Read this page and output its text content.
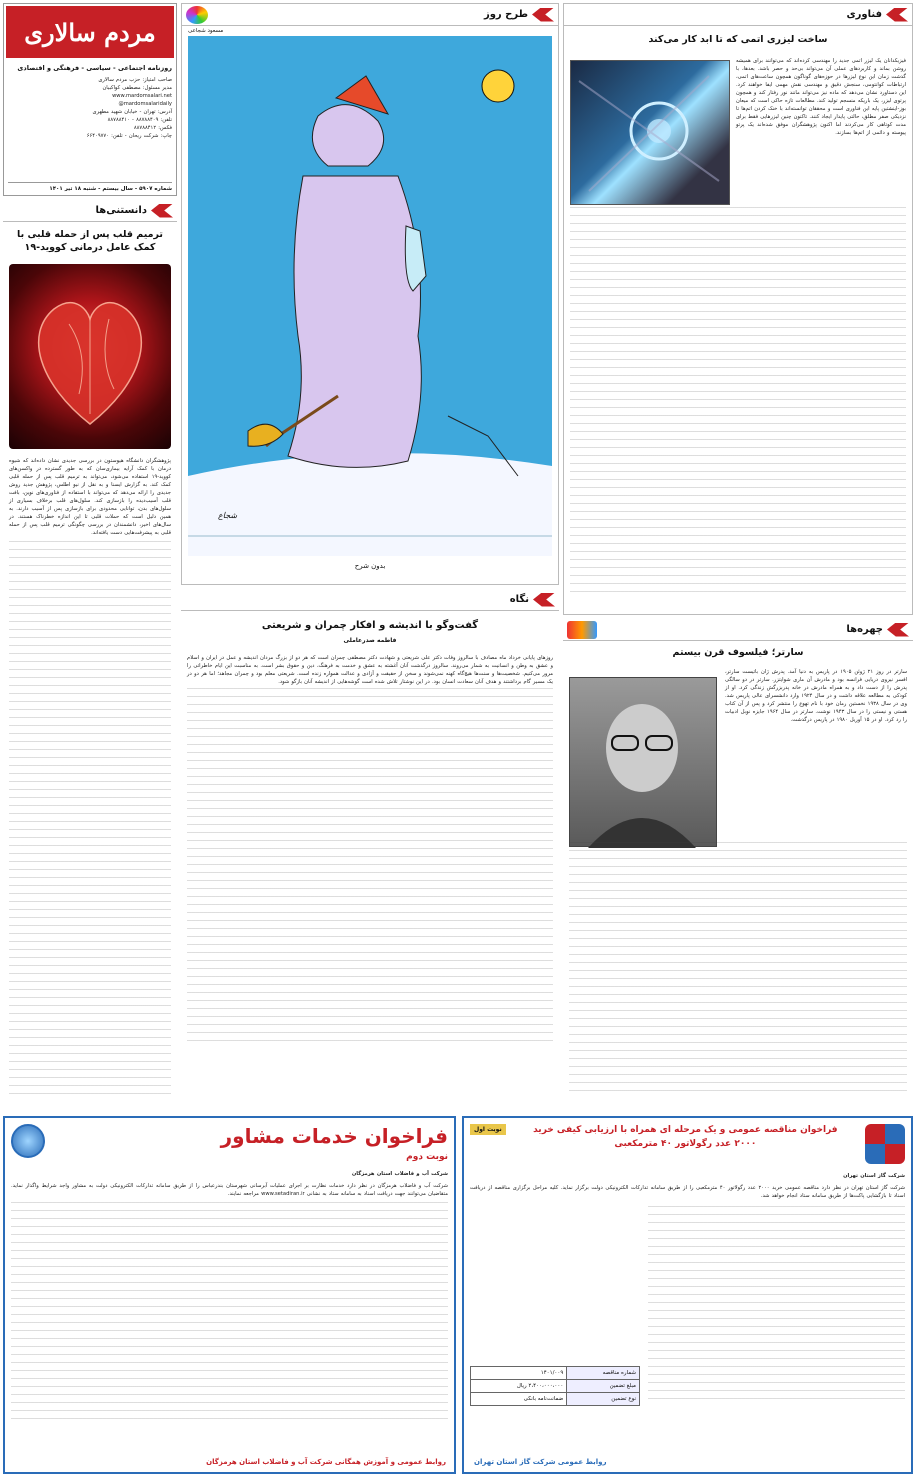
مردم سالاری
روزنامه اجتماعی - سیاسی - فرهنگی و اقتصادی
صاحب امتیاز: حزب مردم سالاری
مدیر مسئول: مصطفی کواکبیان
www.mardomsalari.net
mardomsalaridaily@
آدرس: تهران - خیابان شهید مطهری
تلفن: ۸۸۷۸۸۴۰۹ - ۸۸۷۸۸۴۱۰
فکس: ۸۸۷۸۸۴۱۲
چاپ: شرکت ریحان - تلفن: ۶۶۴۰۹۷۷۰
شماره ۵۹۰۷ - سال بیستم - شنبه ۱۸ تیر ۱۴۰۱
دانستنی‌ها
ترمیم قلب پس از حمله قلبی با کمک عامل درمانی کووید-۱۹
پژوهشگران دانشگاه هیوستون در بررسی جدیدی نشان داده‌اند که شیوه درمان با کمک آرایه بیماری‌سان که به طور گسترده در واکسن‌های کووید-۱۹ استفاده می‌شود، می‌تواند به ترمیم قلب پس از حمله قلبی کمک کند. به گزارش ایسنا و به نقل از نیو اطلس، پژوهش جدید روش جدیدی را ارائه می‌دهد که می‌تواند با استفاده از فناوری‌های نوین، بافت قلب آسیب‌دیده را بازسازی کند. سلول‌های قلب برخلاف بسیاری از سلول‌های بدن، توانایی محدودی برای بازسازی پس از آسیب دارند. به همین دلیل است که حملات قلبی تا این اندازه خطرناک هستند. در سال‌های اخیر، دانشمندان در بررسی چگونگی ترمیم قلب پس از حمله قلبی به پیشرفت‌هایی دست یافته‌اند.
طرح روز
مسعود شجاعی
شجاع
بدون شرح
نگاه
گفت‌و‌گو با اندیشه و افکار چمران و شریعتی
فاطمه صدرعاملی
روزهای پایانی خرداد ماه مصادف با سالروز وفات دکتر علی شریعتی و شهادت دکتر مصطفی چمران است که هر دو از بزرگ مردان اندیشه و عمل در ایران و اسلام و عشق به وطن و انسانیت به شمار می‌روند. سالروز درگذشت آنان آغشته به عشق و خدمت به فرهنگ، دین و حقوق بشر است. به مناسبت این ایام خاطراتی را مرور می‌کنیم. شخصیت‌ها و سنت‌ها هیچ‌گاه کهنه نمی‌شوند و سخن از حقیقت و آزادی و عدالت همواره زنده است. شریعتی معلم بود و چمران مجاهد؛ اما هر دو در یک مسیر گام برداشتند و هدف آنان سعادت انسان بود. در این نوشتار تلاش شده است گوشه‌هایی از اندیشه آنان بازگو شود.
فناوری
ساخت لیزری اتمی که تا ابد کار می‌کند
فیزیکدانان یک لیزر اتمی جدید را مهندسی کرده‌اند که می‌توانند برای همیشه روشن بماند و کاربردهای عملی آن می‌تواند بی‌حد و حصر باشد. بعدها، با گذشت زمان این نوع لیزرها در حوزه‌های گوناگون همچون ساعت‌های اتمی، ارتباطات کوانتومی، سنجش دقیق و مهندسی نقش مهمی ایفا خواهند کرد. این دستاورد نشان می‌دهد که ماده نیز می‌تواند مانند نور رفتار کند و همچون پرتوی لیزر، یک باریکه منسجم تولید کند. مطالعات تازه حاکی است که میعان بوز-اینشتین پایه این فناوری است و محققان توانسته‌اند با خنک کردن اتم‌ها تا نزدیکی صفر مطلق، حالتی پایدار ایجاد کنند. تاکنون چنین لیزرهایی فقط برای مدت کوتاهی کار می‌کردند اما اکنون پژوهشگران موفق شده‌اند یک پرتو پیوسته و دائمی از اتم‌ها بسازند.
چهره‌ها
سارتر؛ فیلسوف قرن بیستم
سارتر در روز ۲۱ ژوئن ۱۹۰۵ در پاریس به دنیا آمد. پدرش ژان باتیست سارتر، افسر نیروی دریایی فرانسه بود و مادرش آن ماری شوایتزر. سارتر در دو سالگی پدرش را از دست داد و به همراه مادرش در خانه پدربزرگش زندگی کرد. او از کودکی به مطالعه علاقه داشت و در سال ۱۹۲۴ وارد دانشسرای عالی پاریس شد. وی در سال ۱۹۳۸ نخستین رمان خود با نام تهوع را منتشر کرد و پس از آن کتاب هستی و نیستی را در سال ۱۹۴۳ نوشت. سارتر در سال ۱۹۶۴ جایزه نوبل ادبیات را رد کرد. او در ۱۵ آوریل ۱۹۸۰ در پاریس درگذشت.
فراخوان خدمات مشاور
نوبت دوم
شرکت آب و فاضلاب استان هرمزگان
شرکت آب و فاضلاب هرمزگان در نظر دارد خدمات نظارت بر اجرای عملیات آبرسانی شهرستان بندرعباس را از طریق سامانه تدارکات الکترونیکی دولت به مشاور واجد شرایط واگذار نماید. متقاضیان می‌توانند جهت دریافت اسناد به سامانه ستاد به نشانی www.setadiran.ir مراجعه نمایند.
روابط عمومی و آموزش همگانی شرکت آب و فاضلاب استان هرمزگان
فراخوان مناقصه عمومی و یک مرحله ای همراه با ارزیابی کیفی خرید
۲۰۰۰ عدد رگولاتور ۴۰ مترمکعبی
نوبت اول
شرکت گاز استان تهران
شرکت گاز استان تهران در نظر دارد مناقصه عمومی خرید ۲۰۰۰ عدد رگولاتور ۴۰ مترمکعبی را از طریق سامانه تدارکات الکترونیکی دولت برگزار نماید. کلیه مراحل برگزاری مناقصه از دریافت اسناد تا بازگشایی پاکت‌ها از طریق سامانه ستاد انجام خواهد شد.
شماره مناقصه	۱۴۰۱/۰۰۹
مبلغ تضمین	۲،۴۰۰،۰۰۰،۰۰۰ ریال
نوع تضمین	ضمانت‌نامه بانکی
روابط عمومی شرکت گاز استان تهران
